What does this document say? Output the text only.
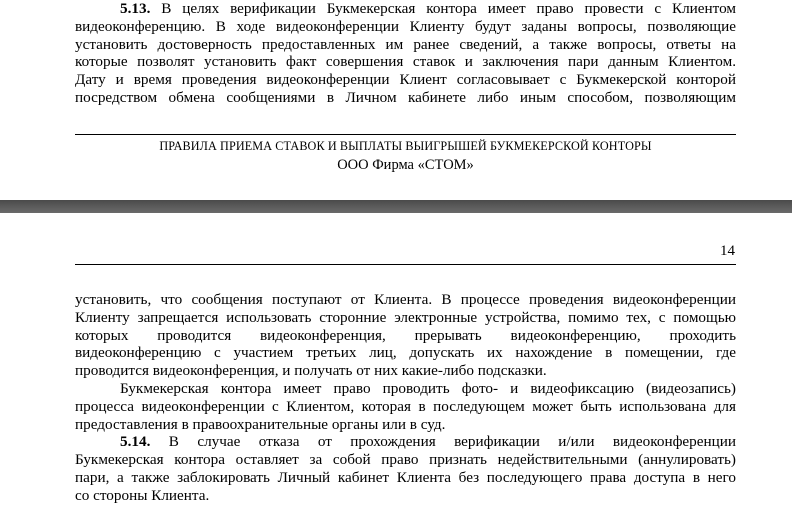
5.13. В целях верификации Букмекерская контора имеет право провести с Клиентом

видеоконференцию. В ходе видеоконференции Клиенту будут заданы вопросы, позволяющие

установить достоверность предоставленных им ранее сведений, а также вопросы, ответы на

которые позволят установить факт совершения ставок и заключения пари данным Клиентом.

Дату и время проведения видеоконференции Клиент согласовывает с Букмекерской конторой

посредством обмена сообщениями в Личном кабинете либо иным способом, позволяющим

ПРАВИЛА ПРИЕМА СТАВОК И ВЫПЛАТЫ ВЫИГРЫШЕЙ БУКМЕКЕРСКОЙ КОНТОРЫ
ООО Фирма «СТОМ»
14

установить, что сообщения поступают от Клиента. В процессе проведения видеоконференции

Клиенту запрещается использовать сторонние электронные устройства, помимо тех, с помощью

которых проводится видеоконференция, прерывать видеоконференцию, проходить

видеоконференцию с участием третьих лиц, допускать их нахождение в помещении, где

проводится видеоконференция, и получать от них какие-либо подсказки.

Букмекерская контора имеет право проводить фото- и видеофиксацию (видеозапись)

процесса видеоконференции с Клиентом, которая в последующем может быть использована для

предоставления в правоохранительные органы или в суд.

5.14. В случае отказа от прохождения верификации и/или видеоконференции

Букмекерская контора оставляет за собой право признать недействительными (аннулировать)

пари, а также заблокировать Личный кабинет Клиента без последующего права доступа в него

со стороны Клиента.
